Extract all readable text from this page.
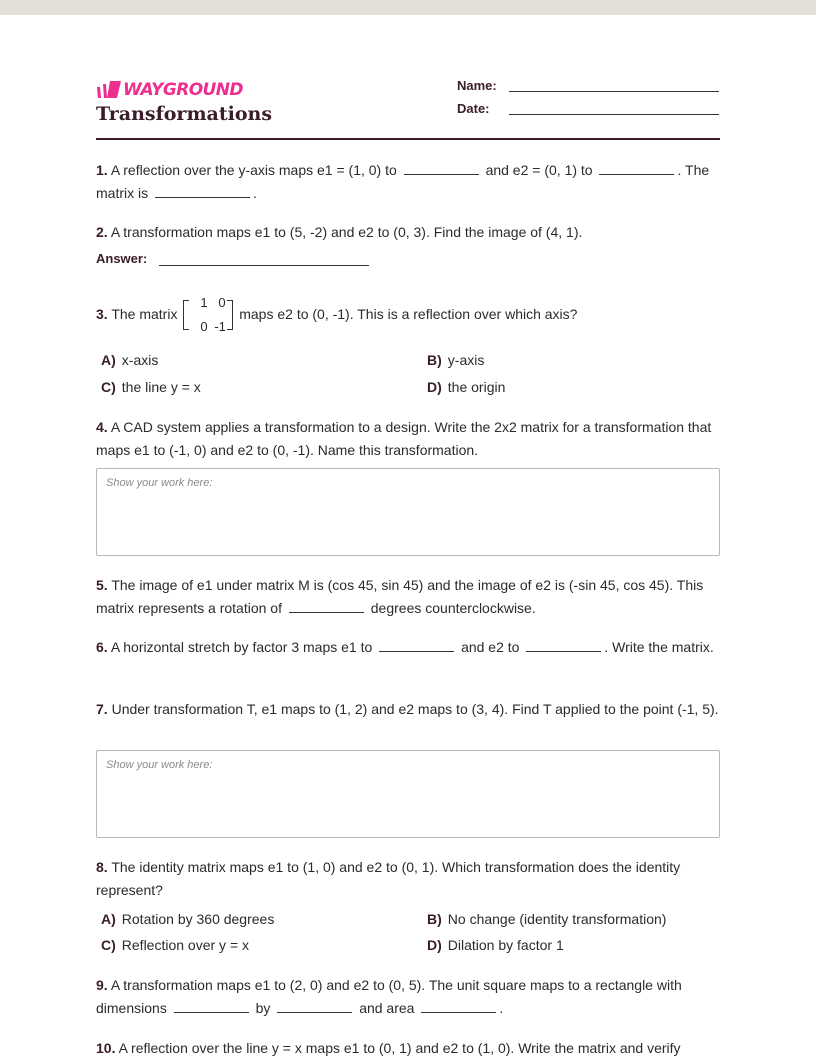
WAYGROUND
Transformations
Name:
Date:
1. A reflection over the y-axis maps e1 = (1, 0) to	and e2 = (0, 1) to	. The matrix is	.
2. A transformation maps e1 to (5, -2) and e2 to (0, 3). Find the image of (4, 1).
Answer:
3. The matrix
1 0
0 -1
maps e2 to (0, -1). This is a reflection over which axis?
A) x-axis	B) y-axis
C) the line y = x	D) the origin
4. A CAD system applies a transformation to a design. Write the 2x2 matrix for a transformation that maps e1 to (-1, 0) and e2 to (0, -1). Name this transformation.
Show your work here:
5. The image of e1 under matrix M is (cos 45, sin 45) and the image of e2 is (-sin 45, cos 45). This matrix represents a rotation of	degrees counterclockwise.
6. A horizontal stretch by factor 3 maps e1 to	and e2 to	. Write the matrix.
7. Under transformation T, e1 maps to (1, 2) and e2 maps to (3, 4). Find T applied to the point (-1, 5).
Show your work here:
8. The identity matrix maps e1 to (1, 0) and e2 to (0, 1). Which transformation does the identity represent?
A) Rotation by 360 degrees	B) No change (identity transformation)
C) Reflection over y = x	D) Dilation by factor 1
9. A transformation maps e1 to (2, 0) and e2 to (0, 5). The unit square maps to a rectangle with dimensions	by	and area	.
10. A reflection over the line y = x maps e1 to (0, 1) and e2 to (1, 0). Write the matrix and verify
